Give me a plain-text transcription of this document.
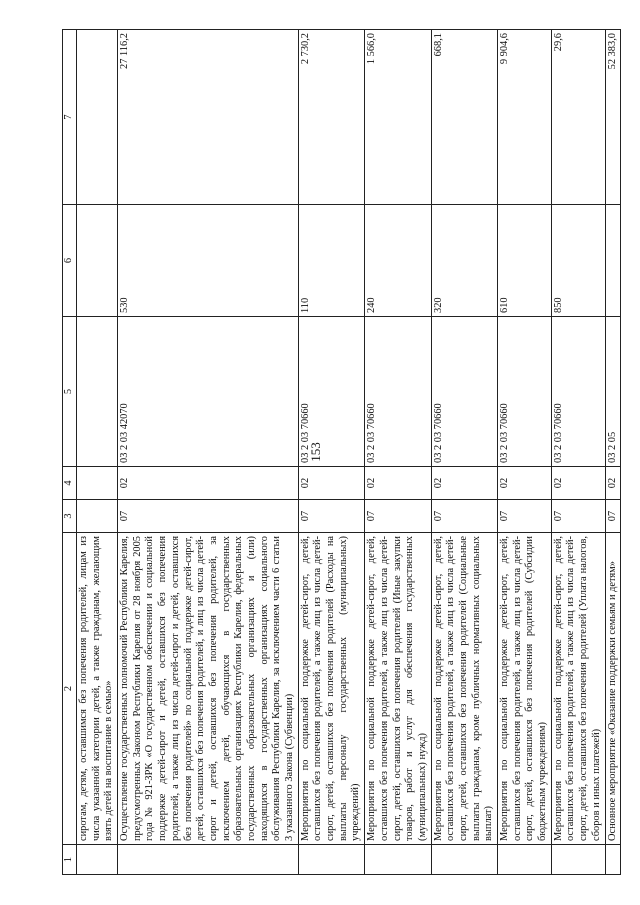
153
1	2	3	4	5	6	7
	сиротам, детям, оставшимся без попечения родителей, лицам из числа указанной категории детей, а также гражданам, желающим взять детей на воспитание в семью»					
	Осуществление государственных полномочий Республики Карелия, предусмотренных Законом Республики Карелия от 28 ноября 2005 года № 921-ЗРК «О государственном обеспечении и социальной поддержке детей-сирот и детей, оставшихся без попечения родителей, а также лиц из числа детей-сирот и детей, оставшихся без попечения родителей» по социальной поддержке детей-сирот, детей, оставшихся без попечения родителей, и лиц из числа детей-сирот и детей, оставшихся без попечения родителей, за исключением детей, обучающихся в государственных образовательных организациях Республики Карелия, федеральных государственных образовательных организациях и (или) находящихся в государственных организациях социального обслуживания Республики Карелия, за исключением части 6 статьи 3 указанного Закона (Субвенции)	07	02	03 2 03 42070	530	27 116,2
	Мероприятия по социальной поддержке детей-сирот, детей, оставшихся без попечения родителей, а также лиц из числа детей-сирот, детей, оставшихся без попечения родителей (Расходы на выплаты персоналу государственных (муниципальных) учреждений)	07	02	03 2 03 70660	110	2 730,2
	Мероприятия по социальной поддержке детей-сирот, детей, оставшихся без попечения родителей, а также лиц из числа детей-сирот, детей, оставшихся без попечения родителей (Иные закупки товаров, работ и услуг для обеспечения государственных (муниципальных) нужд)	07	02	03 2 03 70660	240	1 566,0
	Мероприятия по социальной поддержке детей-сирот, детей, оставшихся без попечения родителей, а также лиц из числа детей-сирот, детей, оставшихся без попечения родителей (Социальные выплаты гражданам, кроме публичных нормативных социальных выплат)	07	02	03 2 03 70660	320	668,1
	Мероприятия по социальной поддержке детей-сирот, детей, оставшихся без попечения родителей, а также лиц из числа детей-сирот, детей, оставшихся без попечения родителей (Субсидии бюджетным учреждениям)	07	02	03 2 03 70660	610	9 904,6
	Мероприятия по социальной поддержке детей-сирот, детей, оставшихся без попечения родителей, а также лиц из числа детей-сирот, детей, оставшихся без попечения родителей (Уплата налогов, сборов и иных платежей)	07	02	03 2 03 70660	850	29,6
	Основное мероприятие «Оказание поддержки семьям и детям»	07	02	03 2 05		52 383,0
